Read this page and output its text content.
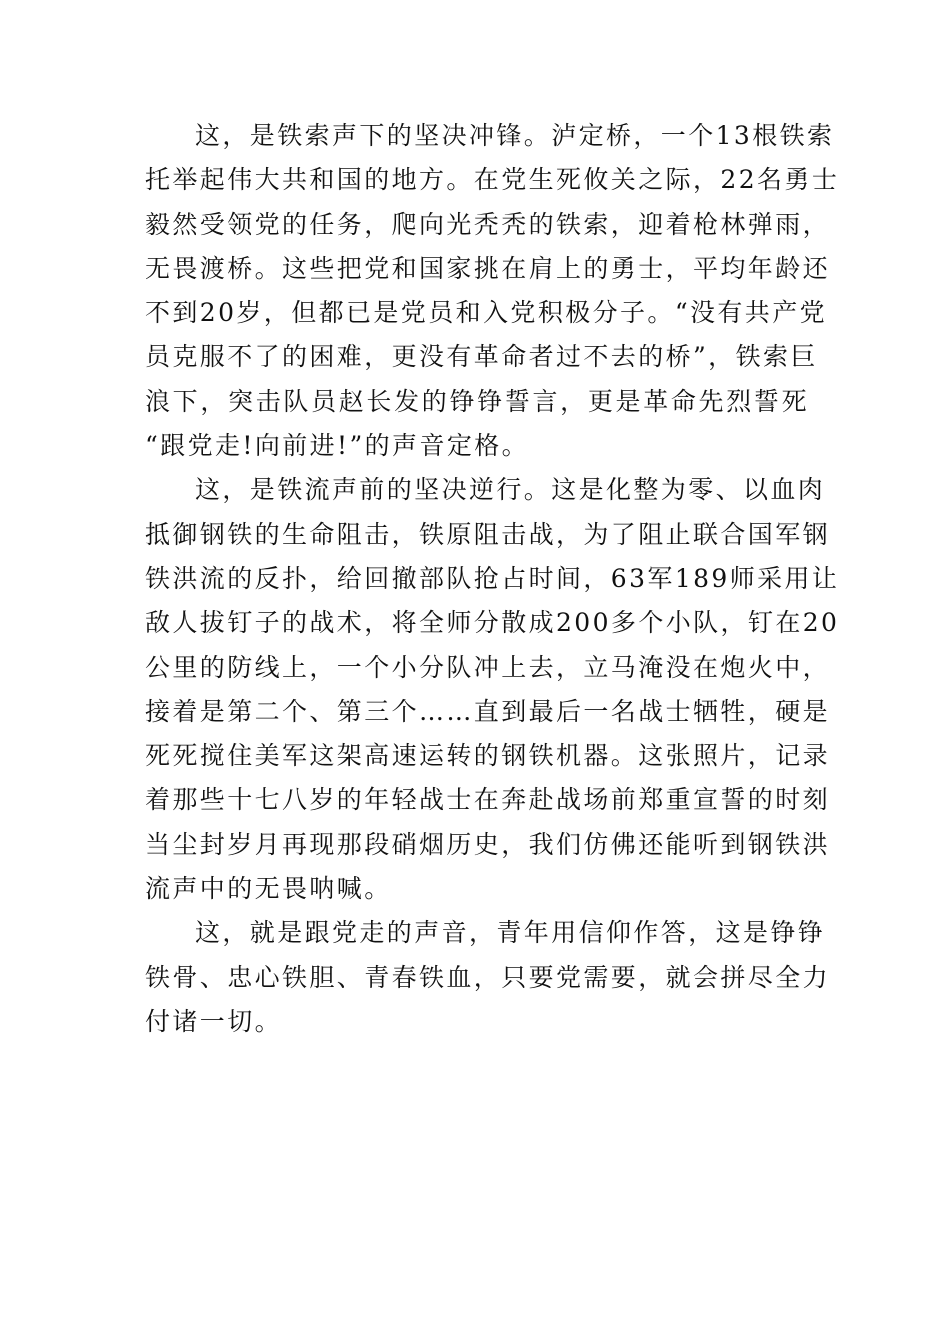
这，是铁索声下的坚决冲锋。泸定桥，一个13根铁索
托举起伟大共和国的地方。在党生死攸关之际，22名勇士
毅然受领党的任务，爬向光秃秃的铁索，迎着枪林弹雨，
无畏渡桥。这些把党和国家挑在肩上的勇士，平均年龄还
不到20岁，但都已是党员和入党积极分子。“没有共产党
员克服不了的困难，更没有革命者过不去的桥”，铁索巨
浪下，突击队员赵长发的铮铮誓言，更是革命先烈誓死
“跟党走!向前进!”的声音定格。

这，是铁流声前的坚决逆行。这是化整为零、以血肉
抵御钢铁的生命阻击，铁原阻击战，为了阻止联合国军钢
铁洪流的反扑，给回撤部队抢占时间，63军189师采用让
敌人拔钉子的战术，将全师分散成200多个小队，钉在20
公里的防线上，一个小分队冲上去，立马淹没在炮火中，
接着是第二个、第三个……直到最后一名战士牺牲，硬是
死死搅住美军这架高速运转的钢铁机器。这张照片，记录
着那些十七八岁的年轻战士在奔赴战场前郑重宣誓的时刻
当尘封岁月再现那段硝烟历史，我们仿佛还能听到钢铁洪
流声中的无畏呐喊。

这，就是跟党走的声音，青年用信仰作答，这是铮铮
铁骨、忠心铁胆、青春铁血，只要党需要，就会拼尽全力
付诸一切。
